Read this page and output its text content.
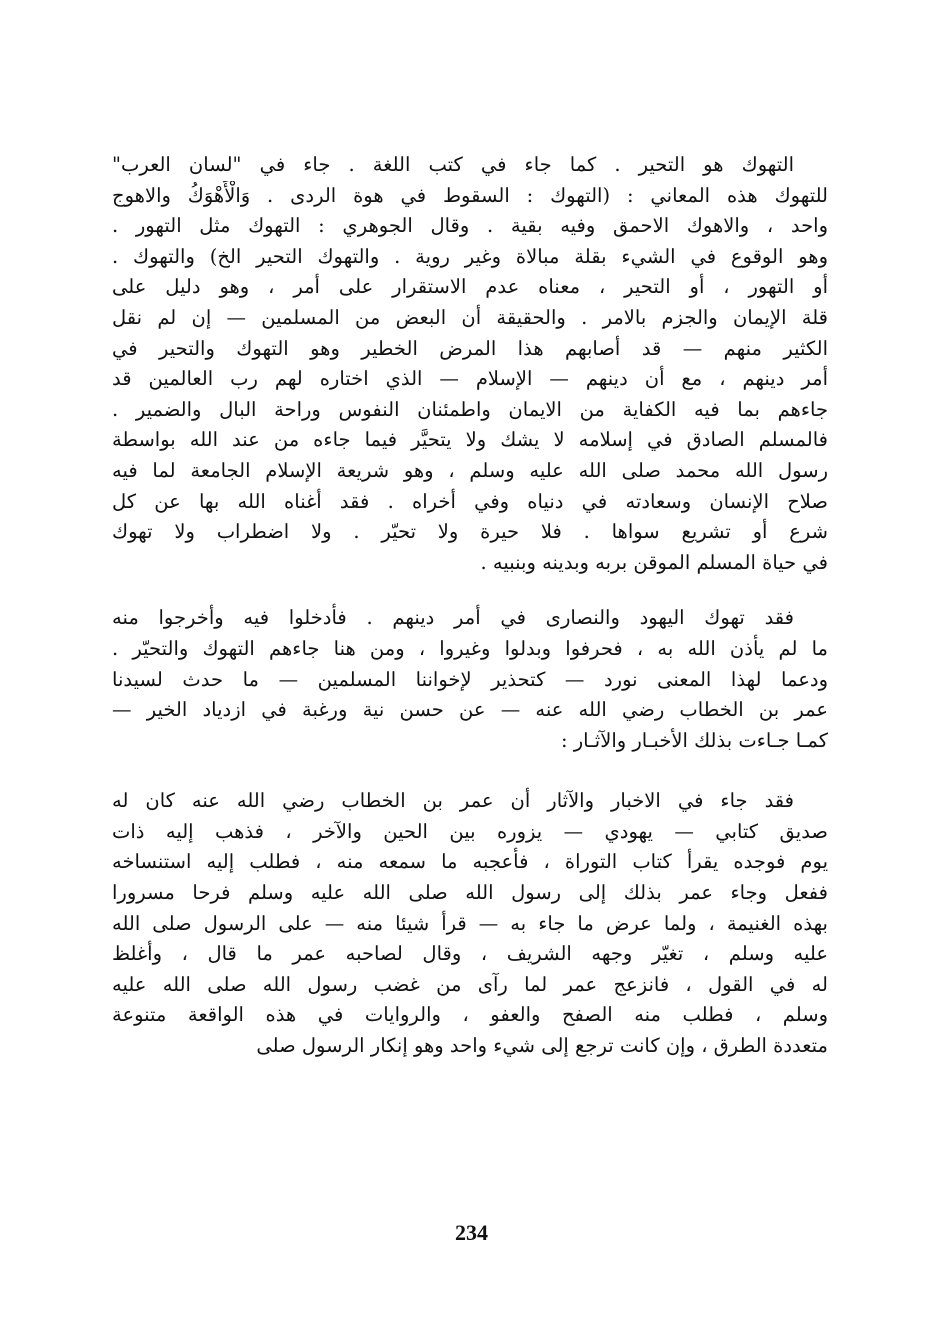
التهوك هو التحير . كما جاء في كتب اللغة . جاء في "لسان العرب"
للتهوك هذه المعاني : (التهوك : السقوط في هوة الردى . وَالْأَهْوَكُ والاهوج
واحد ، والاهوك الاحمق وفيه بقية . وقال الجوهري : التهوك مثل التهور .
وهو الوقوع في الشيء بقلة مبالاة وغير روية . والتهوك التحير الخ) والتهوك .
أو التهور ، أو التحير ، معناه عدم الاستقرار على أمر ، وهو دليل على
قلة الإيمان والجزم بالامر . والحقيقة أن البعض من المسلمين — إن لم نقل
الكثير منهم — قد أصابهم هذا المرض الخطير وهو التهوك والتحير في
أمر دينهم ، مع أن دينهم — الإسلام — الذي اختاره لهم رب العالمين قد
جاءهم بما فيه الكفاية من الايمان واطمئنان النفوس وراحة البال والضمير .
فالمسلم الصادق في إسلامه لا يشك ولا يتحيَّر فيما جاءه من عند الله بواسطة
رسول الله محمد صلى الله عليه وسلم ، وهو شريعة الإسلام الجامعة لما فيه
صلاح الإنسان وسعادته في دنياه وفي أخراه . فقد أغناه الله بها عن كل
شرع أو تشريع سواها . فلا حيرة ولا تحيّر . ولا اضطراب ولا تهوك
في حياة المسلم الموقن بربه وبدينه وبنبيه .
فقد تهوك اليهود والنصارى في أمر دينهم . فأدخلوا فيه وأخرجوا منه
ما لم يأذن الله به ، فحرفوا وبدلوا وغيروا ، ومن هنا جاءهم التهوك والتحيّر .
ودعما لهذا المعنى نورد — كتحذير لإخواننا المسلمين — ما حدث لسيدنا
عمر بن الخطاب رضي الله عنه — عن حسن نية ورغبة في ازدياد الخير —
كمـا جـاءت بذلك الأخبـار والآثـار :
فقد جاء في الاخبار والآثار أن عمر بن الخطاب رضي الله عنه كان له
صديق كتابي — يهودي — يزوره بين الحين والآخر ، فذهب إليه ذات
يوم فوجده يقرأ كتاب التوراة ، فأعجبه ما سمعه منه ، فطلب إليه استنساخه
ففعل وجاء عمر بذلك إلى رسول الله صلى الله عليه وسلم فرحا مسرورا
بهذه الغنيمة ، ولما عرض ما جاء به — قرأ شيئا منه — على الرسول صلى الله
عليه وسلم ، تغيّر وجهه الشريف ، وقال لصاحبه عمر ما قال ، وأغلظ
له في القول ، فانزعج عمر لما رآى من غضب رسول الله صلى الله عليه
وسلم ، فطلب منه الصفح والعفو ، والروايات في هذه الواقعة متنوعة
متعددة الطرق ، وإن كانت ترجع إلى شيء واحد وهو إنكار الرسول صلى
234
